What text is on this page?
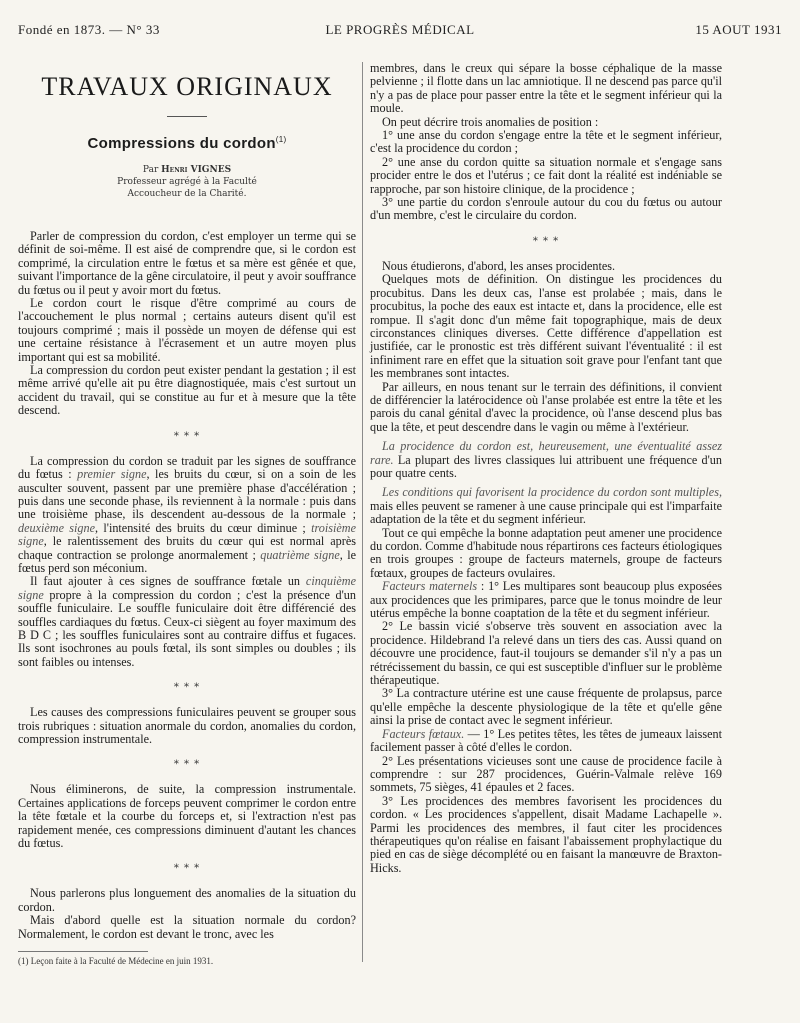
Fondé en 1873. — N° 33	LE PROGRÈS MÉDICAL	15 AOUT 1931
TRAVAUX ORIGINAUX
Compressions du cordon$^{(1)}$
Par Henri VIGNES
Professeur agrégé à la Faculté
Accoucheur de la Charité.

Parler de compression du cordon, c'est employer un terme qui se définit de soi-même. Il est aisé de comprendre que, si le cordon est comprimé, la circulation entre le fœtus et sa mère est gênée et que, suivant l'importance de la gêne circulatoire, il peut y avoir souffrance du fœtus ou il peut y avoir mort du fœtus.

Le cordon court le risque d'être comprimé au cours de l'accouchement le plus normal ; certains auteurs disent qu'il est toujours comprimé ; mais il possède un moyen de défense qui est une certaine résistance à l'écrasement et un autre moyen plus important qui est sa mobilité.

La compression du cordon peut exister pendant la gestation ; il est même arrivé qu'elle ait pu être diagnostiquée, mais c'est surtout un accident du travail, qui se constitue au fur et à mesure que la tête descend.

* * *

La compression du cordon se traduit par les signes de souffrance du fœtus : premier signe, les bruits du cœur, si on a soin de les ausculter souvent, passent par une première phase d'accélération ; puis dans une seconde phase, ils reviennent à la normale : puis dans une troisième phase, ils descendent au-dessous de la normale ; deuxième signe, l'intensité des bruits du cœur diminue ; troisième signe, le ralentissement des bruits du cœur qui est normal après chaque contraction se prolonge anormalement ; quatrième signe, le fœtus perd son méconium.

Il faut ajouter à ces signes de souffrance fœtale un cinquième signe propre à la compression du cordon ; c'est la présence d'un souffle funiculaire. Le souffle funiculaire doit être différencié des souffles cardiaques du fœtus. Ceux-ci siègent au foyer maximum des B D C ; les souffles funiculaires sont au contraire diffus et fugaces. Ils sont isochrones au pouls fœtal, ils sont simples ou doubles ; ils sont faibles ou intenses.

* * *

Les causes des compressions funiculaires peuvent se grouper sous trois rubriques : situation anormale du cordon, anomalies du cordon, compression instrumentale.

* * *

Nous éliminerons, de suite, la compression instrumentale. Certaines applications de forceps peuvent comprimer le cordon entre la tête fœtale et la courbe du forceps et, si l'extraction n'est pas rapidement menée, ces compressions diminuent d'autant les chances du fœtus.

* * *

Nous parlerons plus longuement des anomalies de la situation du cordon.

Mais d'abord quelle est la situation normale du cordon? Normalement, le cordon est devant le tronc, avec les

(1) Leçon faite à la Faculté de Médecine en juin 1931.

membres, dans le creux qui sépare la bosse céphalique de la masse pelvienne ; il flotte dans un lac amniotique. Il ne descend pas parce qu'il n'y a pas de place pour passer entre la tête et le segment inférieur qui la moule.

On peut décrire trois anomalies de position :

1° une anse du cordon s'engage entre la tête et le segment inférieur, c'est la procidence du cordon ;

2° une anse du cordon quitte sa situation normale et s'engage sans procider entre le dos et l'utérus ; ce fait dont la réalité est indéniable se rapproche, par son histoire clinique, de la procidence ;

3° une partie du cordon s'enroule autour du cou du fœtus ou autour d'un membre, c'est le circulaire du cordon.

* * *

Nous étudierons, d'abord, les anses procidentes.

Quelques mots de définition. On distingue les procidences du procubitus. Dans les deux cas, l'anse est prolabée ; mais, dans le procubitus, la poche des eaux est intacte et, dans la procidence, elle est rompue. Il s'agit donc d'un même fait topographique, mais de deux circonstances cliniques diverses. Cette différence d'appellation est justifiée, car le pronostic est très différent suivant l'éventualité : il est infiniment rare en effet que la situation soit grave pour l'enfant tant que les membranes sont intactes.

Par ailleurs, en nous tenant sur le terrain des définitions, il convient de différencier la latérocidence où l'anse prolabée est entre la tête et les parois du canal génital d'avec la procidence, où l'anse descend plus bas que la tête, et peut descendre dans le vagin ou même à l'extérieur.

La procidence du cordon est, heureusement, une éventualité assez rare. La plupart des livres classiques lui attribuent une fréquence d'un pour quatre cents.

Les conditions qui favorisent la procidence du cordon sont multiples, mais elles peuvent se ramener à une cause principale qui est l'imparfaite adaptation de la tête et du segment inférieur.

Tout ce qui empêche la bonne adaptation peut amener une procidence du cordon. Comme d'habitude nous répartirons ces facteurs étiologiques en trois groupes : groupe de facteurs maternels, groupe de facteurs fœtaux, groupes de facteurs ovulaires.

Facteurs maternels : 1° Les multipares sont beaucoup plus exposées aux procidences que les primipares, parce que le tonus moindre de leur utérus empêche la bonne coaptation de la tête et du segment inférieur.

2° Le bassin vicié s'observe très souvent en association avec la procidence. Hildebrand l'a relevé dans un tiers des cas. Aussi quand on découvre une procidence, faut-il toujours se demander s'il n'y a pas un rétrécissement du bassin, ce qui est susceptible d'influer sur le problème thérapeutique.

3° La contracture utérine est une cause fréquente de prolapsus, parce qu'elle empêche la descente physiologique de la tête et qu'elle gêne ainsi la prise de contact avec le segment inférieur.

Facteurs fœtaux. — 1° Les petites têtes, les têtes de jumeaux laissent facilement passer à côté d'elles le cordon.

2° Les présentations vicieuses sont une cause de procidence facile à comprendre : sur 287 procidences, Guérin-Valmale relève 169 sommets, 75 sièges, 41 épaules et 2 faces.

3° Les procidences des membres favorisent les procidences du cordon. « Les procidences s'appellent, disait Madame Lachapelle ». Parmi les procidences des membres, il faut citer les procidences thérapeutiques qu'on réalise en faisant l'abaissement prophylactique du pied en cas de siège décomplété ou en faisant la manœuvre de Braxton-Hicks.
